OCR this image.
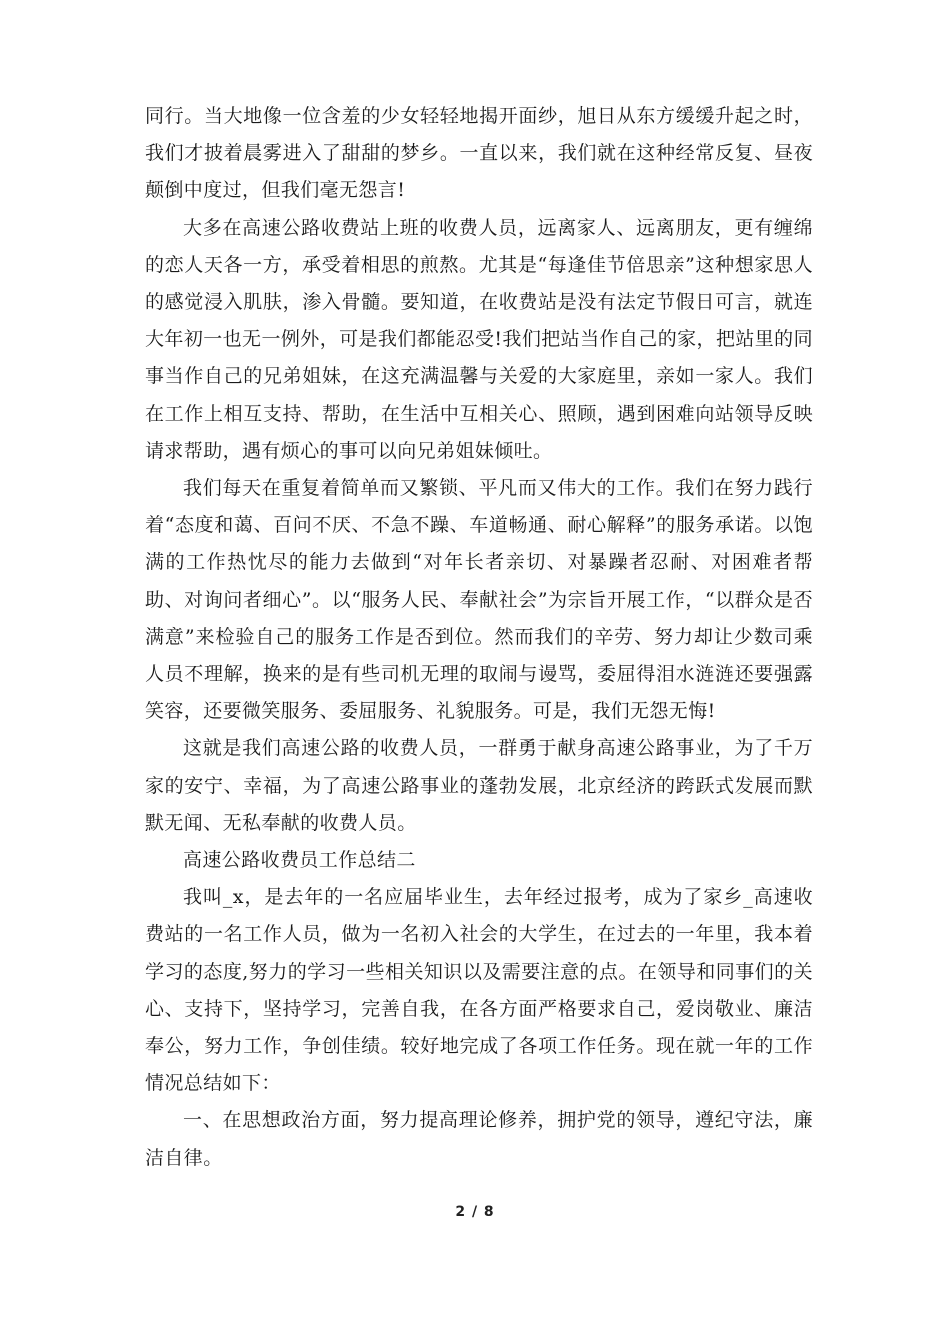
同行。当大地像一位含羞的少女轻轻地揭开面纱，旭日从东方缓缓升起之时，我们才披着晨雾进入了甜甜的梦乡。一直以来，我们就在这种经常反复、昼夜颠倒中度过，但我们毫无怨言!

大多在高速公路收费站上班的收费人员，远离家人、远离朋友，更有缠绵的恋人天各一方，承受着相思的煎熬。尤其是“每逢佳节倍思亲”这种想家思人的感觉浸入肌肤，渗入骨髓。要知道，在收费站是没有法定节假日可言，就连大年初一也无一例外，可是我们都能忍受!我们把站当作自己的家，把站里的同事当作自己的兄弟姐妹，在这充满温馨与关爱的大家庭里，亲如一家人。我们在工作上相互支持、帮助，在生活中互相关心、照顾，遇到困难向站领导反映请求帮助，遇有烦心的事可以向兄弟姐妹倾吐。

我们每天在重复着简单而又繁锁、平凡而又伟大的工作。我们在努力践行着“态度和蔼、百问不厌、不急不躁、车道畅通、耐心解释”的服务承诺。以饱满的工作热忱尽的能力去做到“对年长者亲切、对暴躁者忍耐、对困难者帮助、对询问者细心”。以“服务人民、奉献社会”为宗旨开展工作，“以群众是否满意”来检验自己的服务工作是否到位。然而我们的辛劳、努力却让少数司乘人员不理解，换来的是有些司机无理的取闹与谩骂，委屈得泪水涟涟还要强露笑容，还要微笑服务、委屈服务、礼貌服务。可是，我们无怨无悔!

这就是我们高速公路的收费人员，一群勇于献身高速公路事业，为了千万家的安宁、幸福，为了高速公路事业的蓬勃发展，北京经济的跨跃式发展而默默无闻、无私奉献的收费人员。

高速公路收费员工作总结二

我叫_x，是去年的一名应届毕业生，去年经过报考，成为了家乡_高速收费站的一名工作人员，做为一名初入社会的大学生，在过去的一年里，我本着学习的态度,努力的学习一些相关知识以及需要注意的点。在领导和同事们的关心、支持下，坚持学习，完善自我，在各方面严格要求自己，爱岗敬业、廉洁奉公，努力工作，争创佳绩。较好地完成了各项工作任务。现在就一年的工作情况总结如下：

一、在思想政治方面，努力提高理论修养，拥护党的领导，遵纪守法，廉洁自律。

2 / 8
